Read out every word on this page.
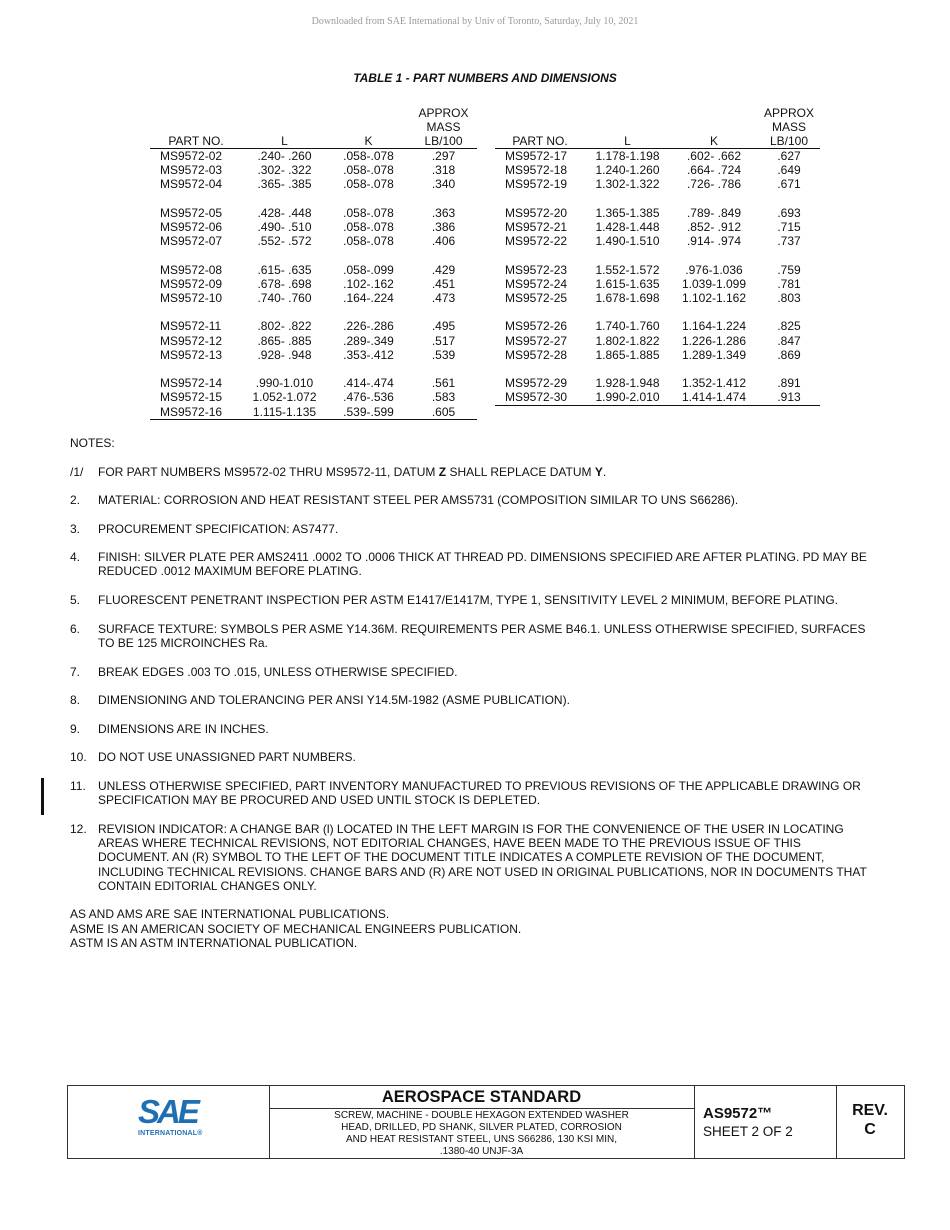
Downloaded from SAE International by Univ of Toronto, Saturday, July 10, 2021
TABLE 1 - PART NUMBERS AND DIMENSIONS
PART NO.	L	K	APPROX
MASS
LB/100

MS9572-02	.240- .260	.058-.078	.297
MS9572-03	.302- .322	.058-.078	.318
MS9572-04	.365- .385	.058-.078	.340

MS9572-05	.428- .448	.058-.078	.363
MS9572-06	.490- .510	.058-.078	.386
MS9572-07	.552- .572	.058-.078	.406

MS9572-08	.615- .635	.058-.099	.429
MS9572-09	.678- .698	.102-.162	.451
MS9572-10	.740- .760	.164-.224	.473

MS9572-11	.802- .822	.226-.286	.495
MS9572-12	.865- .885	.289-.349	.517
MS9572-13	.928- .948	.353-.412	.539

MS9572-14	.990-1.010	.414-.474	.561
MS9572-15	1.052-1.072	.476-.536	.583
MS9572-16	1.115-1.135	.539-.599	.605
PART NO.	L	K	APPROX
MASS
LB/100

MS9572-17	1.178-1.198	.602- .662	.627
MS9572-18	1.240-1.260	.664- .724	.649
MS9572-19	1.302-1.322	.726- .786	.671

MS9572-20	1.365-1.385	.789- .849	.693
MS9572-21	1.428-1.448	.852- .912	.715
MS9572-22	1.490-1.510	.914- .974	.737

MS9572-23	1.552-1.572	.976-1.036	.759
MS9572-24	1.615-1.635	1.039-1.099	.781
MS9572-25	1.678-1.698	1.102-1.162	.803

MS9572-26	1.740-1.760	1.164-1.224	.825
MS9572-27	1.802-1.822	1.226-1.286	.847
MS9572-28	1.865-1.885	1.289-1.349	.869

MS9572-29	1.928-1.948	1.352-1.412	.891
MS9572-30	1.990-2.010	1.414-1.474	.913

NOTES:
/1/	FOR PART NUMBERS MS9572-02 THRU MS9572-11, DATUM Z SHALL REPLACE DATUM Y.
2.	MATERIAL: CORROSION AND HEAT RESISTANT STEEL PER AMS5731 (COMPOSITION SIMILAR TO UNS S66286).
3.	PROCUREMENT SPECIFICATION: AS7477.
4.	FINISH: SILVER PLATE PER AMS2411 .0002 TO .0006 THICK AT THREAD PD. DIMENSIONS SPECIFIED ARE AFTER PLATING. PD MAY BE REDUCED .0012 MAXIMUM BEFORE PLATING.
5.	FLUORESCENT PENETRANT INSPECTION PER ASTM E1417/E1417M, TYPE 1, SENSITIVITY LEVEL 2 MINIMUM, BEFORE PLATING.
6.	SURFACE TEXTURE: SYMBOLS PER ASME Y14.36M. REQUIREMENTS PER ASME B46.1. UNLESS OTHERWISE SPECIFIED, SURFACES TO BE 125 MICROINCHES Ra.
7.	BREAK EDGES .003 TO .015, UNLESS OTHERWISE SPECIFIED.
8.	DIMENSIONING AND TOLERANCING PER ANSI Y14.5M-1982 (ASME PUBLICATION).
9.	DIMENSIONS ARE IN INCHES.
10. DO NOT USE UNASSIGNED PART NUMBERS.
11.	UNLESS OTHERWISE SPECIFIED, PART INVENTORY MANUFACTURED TO PREVIOUS REVISIONS OF THE APPLICABLE DRAWING OR SPECIFICATION MAY BE PROCURED AND USED UNTIL STOCK IS DEPLETED.
12. REVISION INDICATOR: A CHANGE BAR (l) LOCATED IN THE LEFT MARGIN IS FOR THE CONVENIENCE OF THE USER IN LOCATING AREAS WHERE TECHNICAL REVISIONS, NOT EDITORIAL CHANGES, HAVE BEEN MADE TO THE PREVIOUS ISSUE OF THIS DOCUMENT. AN (R) SYMBOL TO THE LEFT OF THE DOCUMENT TITLE INDICATES A COMPLETE REVISION OF THE DOCUMENT, INCLUDING TECHNICAL REVISIONS. CHANGE BARS AND (R) ARE NOT USED IN ORIGINAL PUBLICATIONS, NOR IN DOCUMENTS THAT CONTAIN EDITORIAL CHANGES ONLY.
AS AND AMS ARE SAE INTERNATIONAL PUBLICATIONS.
ASME IS AN AMERICAN SOCIETY OF MECHANICAL ENGINEERS PUBLICATION.
ASTM IS AN ASTM INTERNATIONAL PUBLICATION.
SAE
INTERNATIONAL®
AEROSPACE STANDARD
SCREW, MACHINE - DOUBLE HEXAGON EXTENDED WASHER
HEAD, DRILLED, PD SHANK, SILVER PLATED, CORROSION
AND HEAT RESISTANT STEEL, UNS S66286, 130 KSI MIN,
.1380-40 UNJF-3A
AS9572™
SHEET 2 OF 2
REV.
C
